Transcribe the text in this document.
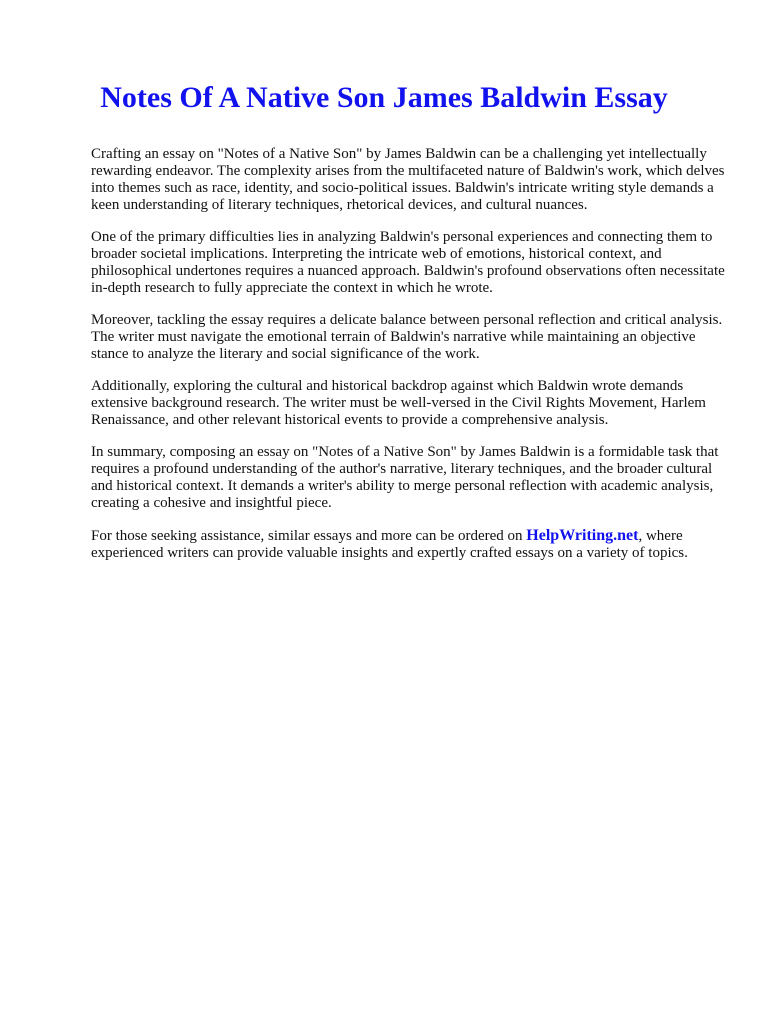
Notes Of A Native Son James Baldwin Essay

Crafting an essay on "Notes of a Native Son" by James Baldwin can be a challenging yet intellectually rewarding endeavor. The complexity arises from the multifaceted nature of Baldwin's work, which delves into themes such as race, identity, and socio-political issues. Baldwin's intricate writing style demands a keen understanding of literary techniques, rhetorical devices, and cultural nuances.

One of the primary difficulties lies in analyzing Baldwin's personal experiences and connecting them to broader societal implications. Interpreting the intricate web of emotions, historical context, and philosophical undertones requires a nuanced approach. Baldwin's profound observations often necessitate in-depth research to fully appreciate the context in which he wrote.

Moreover, tackling the essay requires a delicate balance between personal reflection and critical analysis. The writer must navigate the emotional terrain of Baldwin's narrative while maintaining an objective stance to analyze the literary and social significance of the work.

Additionally, exploring the cultural and historical backdrop against which Baldwin wrote demands extensive background research. The writer must be well-versed in the Civil Rights Movement, Harlem Renaissance, and other relevant historical events to provide a comprehensive analysis.

In summary, composing an essay on "Notes of a Native Son" by James Baldwin is a formidable task that requires a profound understanding of the author's narrative, literary techniques, and the broader cultural and historical context. It demands a writer's ability to merge personal reflection with academic analysis, creating a cohesive and insightful piece.

For those seeking assistance, similar essays and more can be ordered on HelpWriting.net, where experienced writers can provide valuable insights and expertly crafted essays on a variety of topics.
